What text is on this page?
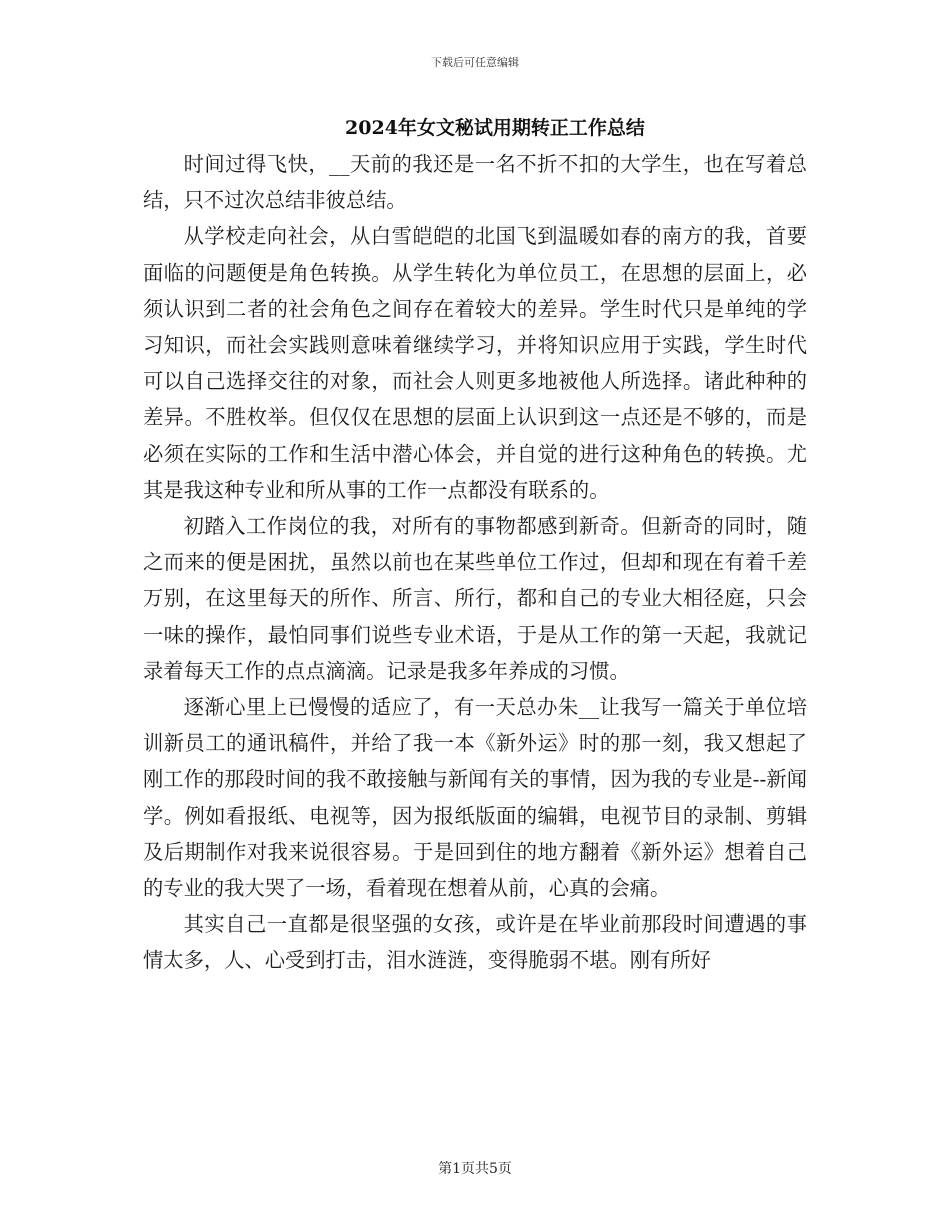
下载后可任意编辑
2024年女文秘试用期转正工作总结

时间过得飞快，__天前的我还是一名不折不扣的大学生，也在写着总结，只不过次总结非彼总结。

从学校走向社会，从白雪皑皑的北国飞到温暖如春的南方的我，首要面临的问题便是角色转换。从学生转化为单位员工，在思想的层面上，必须认识到二者的社会角色之间存在着较大的差异。学生时代只是单纯的学习知识，而社会实践则意味着继续学习，并将知识应用于实践，学生时代可以自己选择交往的对象，而社会人则更多地被他人所选择。诸此种种的差异。不胜枚举。但仅仅在思想的层面上认识到这一点还是不够的，而是必须在实际的工作和生活中潜心体会，并自觉的进行这种角色的转换。尤其是我这种专业和所从事的工作一点都没有联系的。

初踏入工作岗位的我，对所有的事物都感到新奇。但新奇的同时，随之而来的便是困扰，虽然以前也在某些单位工作过，但却和现在有着千差万别，在这里每天的所作、所言、所行，都和自己的专业大相径庭，只会一味的操作，最怕同事们说些专业术语，于是从工作的第一天起，我就记录着每天工作的点点滴滴。记录是我多年养成的习惯。

逐渐心里上已慢慢的适应了，有一天总办朱__让我写一篇关于单位培训新员工的通讯稿件，并给了我一本《新外运》时的那一刻，我又想起了刚工作的那段时间的我不敢接触与新闻有关的事情，因为我的专业是--新闻学。例如看报纸、电视等，因为报纸版面的编辑，电视节目的录制、剪辑及后期制作对我来说很容易。于是回到住的地方翻着《新外运》想着自己的专业的我大哭了一场，看着现在想着从前，心真的会痛。

其实自己一直都是很坚强的女孩，或许是在毕业前那段时间遭遇的事情太多，人、心受到打击，泪水涟涟，变得脆弱不堪。刚有所好

第1页共5页
